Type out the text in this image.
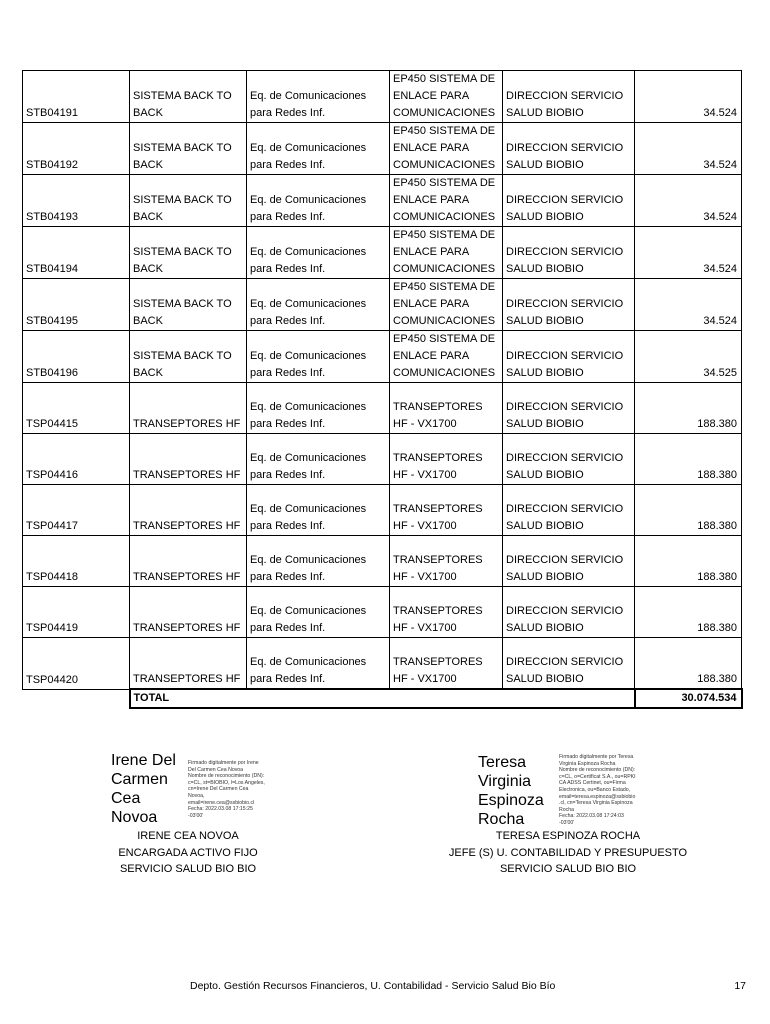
STB04191	SISTEMA BACK TO BACK	Eq. de Comunicaciones para Redes Inf.	EP450 SISTEMA DE ENLACE PARA COMUNICACIONES	DIRECCION SERVICIO SALUD BIOBIO	34.524
STB04192	SISTEMA BACK TO BACK	Eq. de Comunicaciones para Redes Inf.	EP450 SISTEMA DE ENLACE PARA COMUNICACIONES	DIRECCION SERVICIO SALUD BIOBIO	34.524
STB04193	SISTEMA BACK TO BACK	Eq. de Comunicaciones para Redes Inf.	EP450 SISTEMA DE ENLACE PARA COMUNICACIONES	DIRECCION SERVICIO SALUD BIOBIO	34.524
STB04194	SISTEMA BACK TO BACK	Eq. de Comunicaciones para Redes Inf.	EP450 SISTEMA DE ENLACE PARA COMUNICACIONES	DIRECCION SERVICIO SALUD BIOBIO	34.524
STB04195	SISTEMA BACK TO BACK	Eq. de Comunicaciones para Redes Inf.	EP450 SISTEMA DE ENLACE PARA COMUNICACIONES	DIRECCION SERVICIO SALUD BIOBIO	34.524
STB04196	SISTEMA BACK TO BACK	Eq. de Comunicaciones para Redes Inf.	EP450 SISTEMA DE ENLACE PARA COMUNICACIONES	DIRECCION SERVICIO SALUD BIOBIO	34.525
TSP04415	TRANSEPTORES HF	Eq. de Comunicaciones para Redes Inf.	TRANSEPTORES HF - VX1700	DIRECCION SERVICIO SALUD BIOBIO	188.380
TSP04416	TRANSEPTORES HF	Eq. de Comunicaciones para Redes Inf.	TRANSEPTORES HF - VX1700	DIRECCION SERVICIO SALUD BIOBIO	188.380
TSP04417	TRANSEPTORES HF	Eq. de Comunicaciones para Redes Inf.	TRANSEPTORES HF - VX1700	DIRECCION SERVICIO SALUD BIOBIO	188.380
TSP04418	TRANSEPTORES HF	Eq. de Comunicaciones para Redes Inf.	TRANSEPTORES HF - VX1700	DIRECCION SERVICIO SALUD BIOBIO	188.380
TSP04419	TRANSEPTORES HF	Eq. de Comunicaciones para Redes Inf.	TRANSEPTORES HF - VX1700	DIRECCION SERVICIO SALUD BIOBIO	188.380
TSP04420	TRANSEPTORES HF	Eq. de Comunicaciones para Redes Inf.	TRANSEPTORES HF - VX1700	DIRECCION SERVICIO SALUD BIOBIO	188.380
	TOTAL				30.074.534
Irene Del
Carmen
Cea
Novoa
Firmado digitalmente por Irene
Del Carmen Cea Novoa
Nombre de reconocimiento (DN):
c=CL, st=BIOBIO, l=Los Angeles,
cn=Irene Del Carmen Cea
Novoa,
email=irene.cea@ssbiobio.cl
Fecha: 2022.03.08 17:15:25
-03'00'
IRENE CEA NOVOA
ENCARGADA ACTIVO FIJO
SERVICIO SALUD BIO BIO
Teresa
Virginia
Espinoza
Rocha
Firmado digitalmente por Teresa
Virginia Espinoza Rocha
Nombre de reconocimiento (DN):
c=CL, o=Certificat S.A., ou=RPKI
CA ADSS Certinet, ou=Firma
Electronica, ou=Banco Estado,
email=teresa.espinoza@ssbiobio
.cl, cn=Teresa Virginia Espinoza
Rocha
Fecha: 2022.03.08 17:24:03
-03'00'
TERESA ESPINOZA ROCHA
JEFE (S) U. CONTABILIDAD Y PRESUPUESTO
SERVICIO SALUD BIO BIO
Depto. Gestión Recursos Financieros, U. Contabilidad - Servicio Salud Bio Bío	17
